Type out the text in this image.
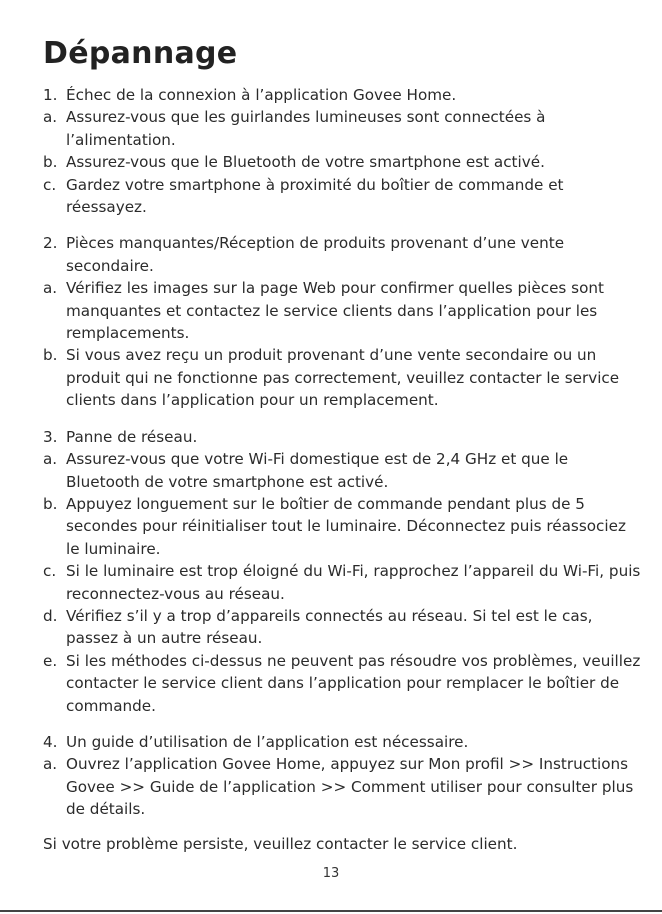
Dépannage
1. Échec de la connexion à l’application Govee Home.
a. Assurez-vous que les guirlandes lumineuses sont connectées à l’alimentation.
b. Assurez-vous que le Bluetooth de votre smartphone est activé.
c. Gardez votre smartphone à proximité du boîtier de commande et réessayez.
2. Pièces manquantes/Réception de produits provenant d’une vente secondaire.
a. Vérifiez les images sur la page Web pour confirmer quelles pièces sont manquantes et contactez le service clients dans l’application pour les remplacements.
b. Si vous avez reçu un produit provenant d’une vente secondaire ou un produit qui ne fonctionne pas correctement, veuillez contacter le service clients dans l’application pour un remplacement.
3. Panne de réseau.
a. Assurez-vous que votre Wi-Fi domestique est de 2,4 GHz et que le Bluetooth de votre smartphone est activé.
b. Appuyez longuement sur le boîtier de commande pendant plus de 5 secondes pour réinitialiser tout le luminaire. Déconnectez puis réassociez le luminaire.
c. Si le luminaire est trop éloigné du Wi-Fi, rapprochez l’appareil du Wi-Fi, puis reconnectez-vous au réseau.
d. Vérifiez s’il y a trop d’appareils connectés au réseau. Si tel est le cas, passez à un autre réseau.
e. Si les méthodes ci-dessus ne peuvent pas résoudre vos problèmes, veuillez contacter le service client dans l’application pour remplacer le boîtier de commande.
4. Un guide d’utilisation de l’application est nécessaire.
a. Ouvrez l’application Govee Home, appuyez sur Mon profil >> Instructions Govee >> Guide de l’application >> Comment utiliser pour consulter plus de détails.
Si votre problème persiste, veuillez contacter le service client.
13
